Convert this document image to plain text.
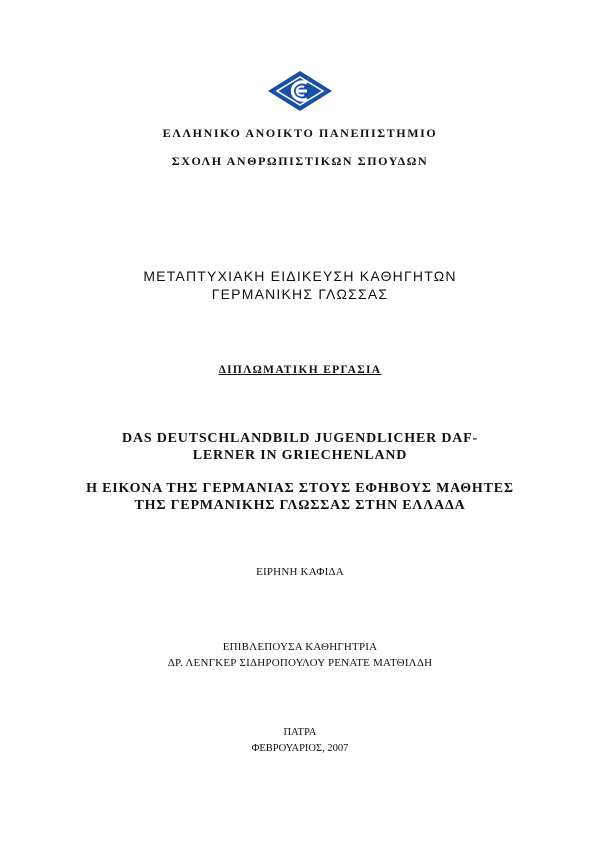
ΕΛΛΗΝΙΚΟ ΑΝΟΙΚΤΟ ΠΑΝΕΠΙΣΤΗΜΙΟ
ΣΧΟΛΗ ΑΝΘΡΩΠΙΣΤΙΚΩΝ ΣΠΟΥΔΩΝ
ΜΕΤΑΠΤΥΧΙΑΚΗ ΕΙΔΙΚΕΥΣΗ ΚΑΘΗΓΗΤΩΝ
ΓΕΡΜΑΝΙΚΗΣ ΓΛΩΣΣΑΣ
ΔΙΠΛΩΜΑΤΙΚΗ ΕΡΓΑΣΙΑ
DAS DEUTSCHLANDBILD JUGENDLICHER DAF-
LERNER IN GRIECHENLAND
Η ΕΙΚΟΝΑ ΤΗΣ ΓΕΡΜΑΝΙΑΣ ΣΤΟΥΣ ΕΦΗΒΟΥΣ ΜΑΘΗΤΕΣ
ΤΗΣ ΓΕΡΜΑΝΙΚΗΣ ΓΛΩΣΣΑΣ ΣΤΗΝ ΕΛΛΑΔΑ
ΕΙΡΗΝΗ ΚΑΦΙΔΑ
ΕΠΙΒΛΕΠΟΥΣΑ ΚΑΘΗΓΗΤΡΙΑ
ΔΡ. ΛΕΝΓΚΕΡ ΣΙΔΗΡΟΠΟΥΛΟΥ ΡΕΝΑΤΕ ΜΑΤΘΙΛΔΗ
ΠΑΤΡΑ
ΦΕΒΡΟΥΑΡΙΟΣ, 2007
